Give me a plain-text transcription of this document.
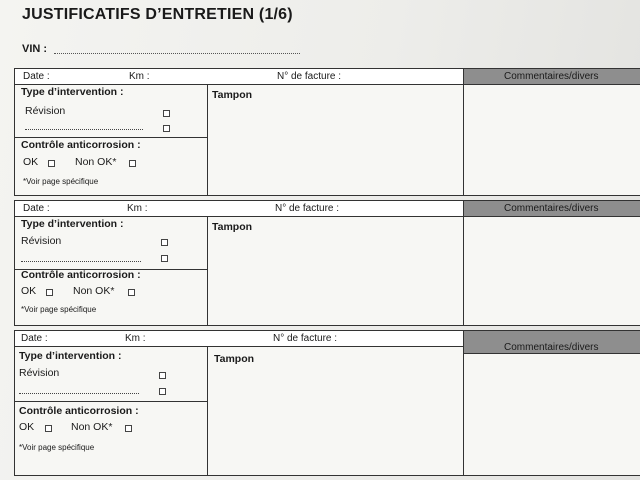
JUSTIFICATIFS D’ENTRETIEN (1/6)
VIN :
Date :	Km :	N° de facture :	Commentaires/divers
Type d’intervention :
Révision
Contrôle anticorrosion :
OK	Non OK*
*Voir page spécifique
Tampon
Date :	Km :	N° de facture :	Commentaires/divers
Type d’intervention :
Révision
Contrôle anticorrosion :
OK	Non OK*
*Voir page spécifique
Tampon
Date :	Km :	N° de facture :
Commentaires/divers
Type d’intervention :
Révision
Contrôle anticorrosion :
OK	Non OK*
*Voir page spécifique
Tampon
